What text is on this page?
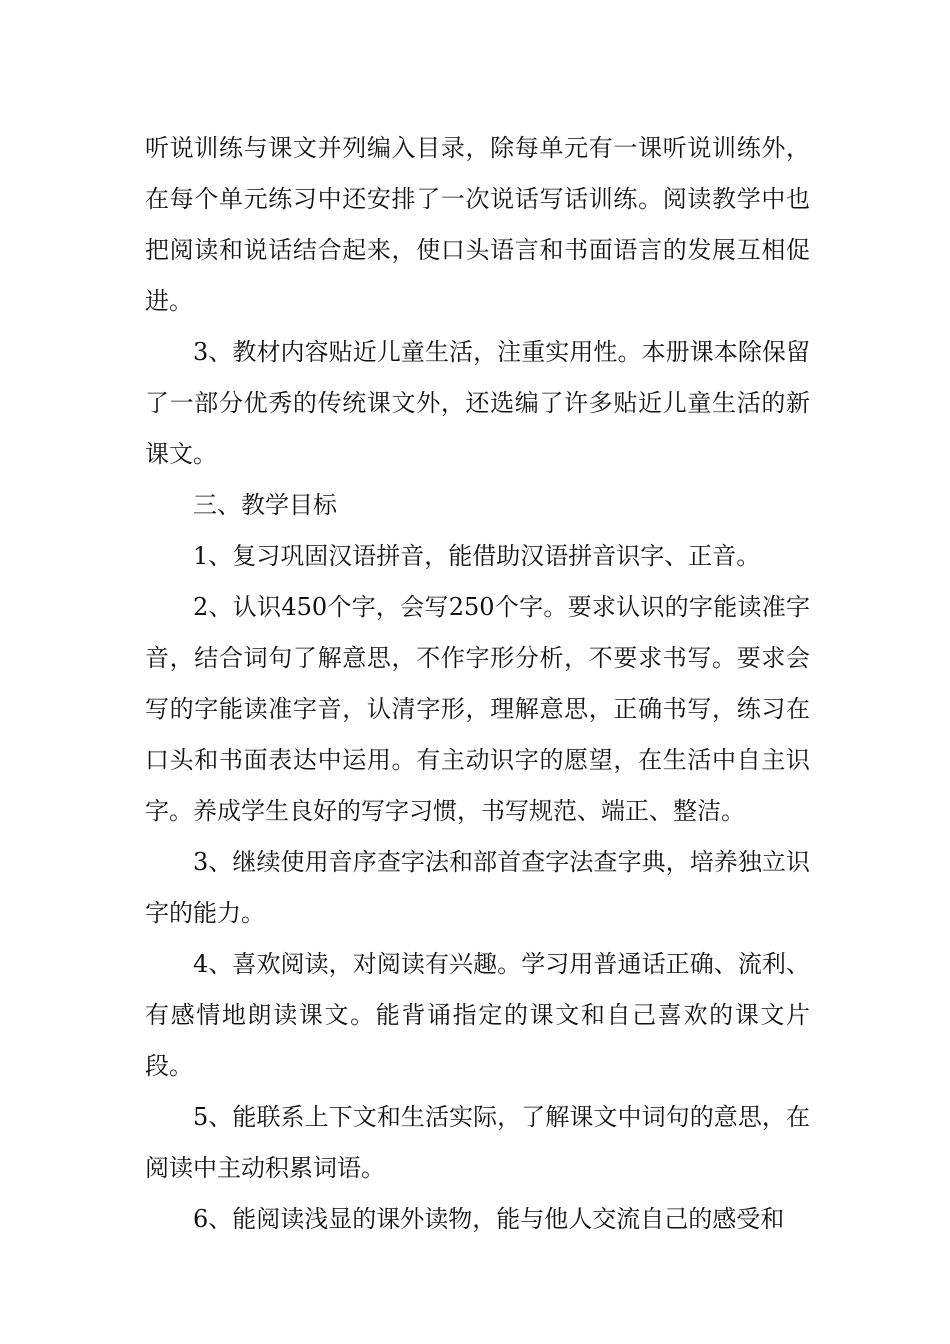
听说训练与课文并列编入目录，除每单元有一课听说训练外，在每个单元练习中还安排了一次说话写话训练。阅读教学中也把阅读和说话结合起来，使口头语言和书面语言的发展互相促进。

3、教材内容贴近儿童生活，注重实用性。本册课本除保留了一部分优秀的传统课文外，还选编了许多贴近儿童生活的新课文。

三、教学目标

1、复习巩固汉语拼音，能借助汉语拼音识字、正音。

2、认识450个字，会写250个字。要求认识的字能读准字音，结合词句了解意思，不作字形分析，不要求书写。要求会写的字能读准字音，认清字形，理解意思，正确书写，练习在口头和书面表达中运用。有主动识字的愿望，在生活中自主识字。养成学生良好的写字习惯，书写规范、端正、整洁。

3、继续使用音序查字法和部首查字法查字典，培养独立识字的能力。

4、喜欢阅读，对阅读有兴趣。学习用普通话正确、流利、有感情地朗读课文。能背诵指定的课文和自己喜欢的课文片段。

5、能联系上下文和生活实际，了解课文中词句的意思，在阅读中主动积累词语。

6、能阅读浅显的课外读物，能与他人交流自己的感受和
